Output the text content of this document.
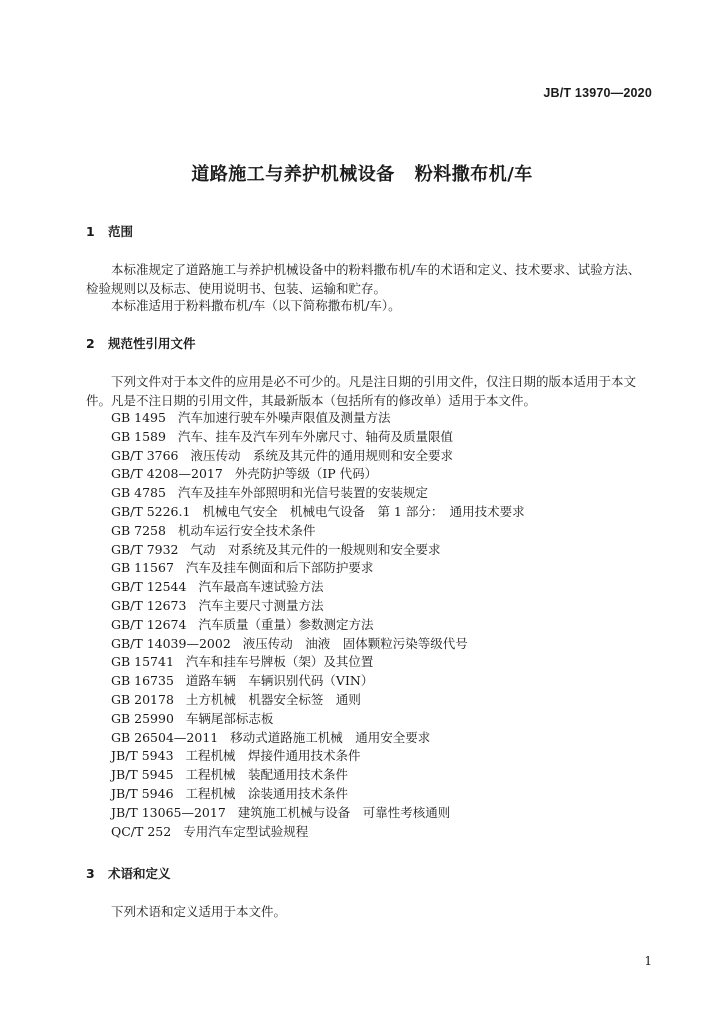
JB/T 13970—2020
道路施工与养护机械设备 粉料撒布机/车
1 范围
本标准规定了道路施工与养护机械设备中的粉料撒布机/车的术语和定义、技术要求、试验方法、
检验规则以及标志、使用说明书、包装、运输和贮存。
本标准适用于粉料撒布机/车（以下简称撒布机/车）。
2 规范性引用文件
下列文件对于本文件的应用是必不可少的。凡是注日期的引用文件，仅注日期的版本适用于本文
件。凡是不注日期的引用文件，其最新版本（包括所有的修改单）适用于本文件。
GB 1495 汽车加速行驶车外噪声限值及测量方法
GB 1589 汽车、挂车及汽车列车外廓尺寸、轴荷及质量限值
GB/T 3766 液压传动　系统及其元件的通用规则和安全要求
GB/T 4208—2017 外壳防护等级（IP 代码）
GB 4785 汽车及挂车外部照明和光信号装置的安装规定
GB/T 5226.1 机械电气安全　机械电气设备　第 1 部分：　通用技术要求
GB 7258 机动车运行安全技术条件
GB/T 7932 气动　对系统及其元件的一般规则和安全要求
GB 11567 汽车及挂车侧面和后下部防护要求
GB/T 12544 汽车最高车速试验方法
GB/T 12673 汽车主要尺寸测量方法
GB/T 12674 汽车质量（重量）参数测定方法
GB/T 14039—2002 液压传动　油液　固体颗粒污染等级代号
GB 15741 汽车和挂车号牌板（架）及其位置
GB 16735 道路车辆　车辆识别代码（VIN）
GB 20178 土方机械　机器安全标签　通则
GB 25990 车辆尾部标志板
GB 26504—2011 移动式道路施工机械　通用安全要求
JB/T 5943 工程机械　焊接件通用技术条件
JB/T 5945 工程机械　装配通用技术条件
JB/T 5946 工程机械　涂装通用技术条件
JB/T 13065—2017 建筑施工机械与设备　可靠性考核通则
QC/T 252 专用汽车定型试验规程
3 术语和定义
下列术语和定义适用于本文件。
1
